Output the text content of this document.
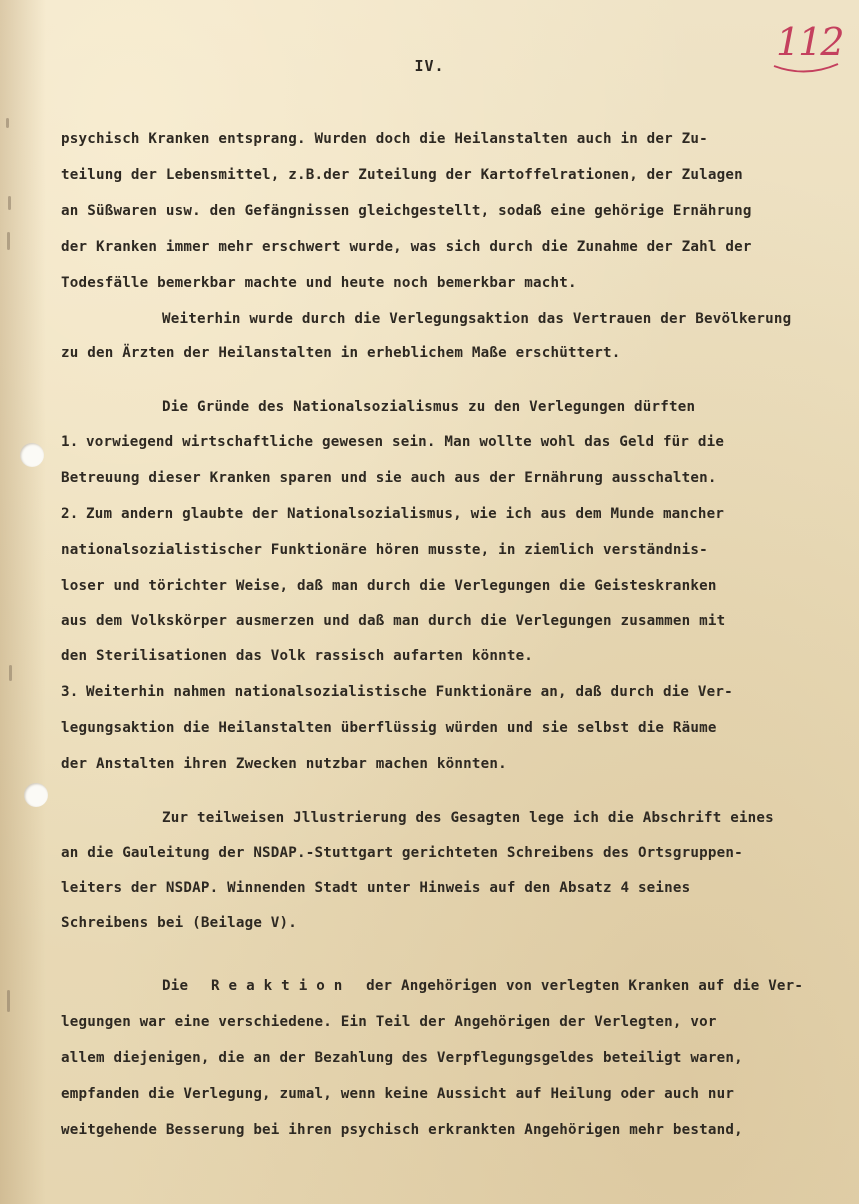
112
IV.
psychisch Kranken entsprang. Wurden doch die Heilanstalten auch in der Zu-
teilung der Lebensmittel, z.B.der Zuteilung der Kartoffelrationen, der Zulagen
an Süßwaren usw. den Gefängnissen gleichgestellt, sodaß eine gehörige Ernährung
der Kranken immer mehr erschwert wurde, was sich durch die Zunahme der Zahl der
Todesfälle bemerkbar machte und heute noch bemerkbar macht.
Weiterhin wurde durch die Verlegungsaktion das Vertrauen der Bevölkerung
zu den Ärzten der Heilanstalten in erheblichem Maße erschüttert.
Die Gründe des Nationalsozialismus zu den Verlegungen dürften
1. vorwiegend wirtschaftliche gewesen sein. Man wollte wohl das Geld für die
Betreuung dieser Kranken sparen und sie auch aus der Ernährung ausschalten.
2. Zum andern glaubte der Nationalsozialismus, wie ich aus dem Munde mancher
nationalsozialistischer Funktionäre hören musste, in ziemlich verständnis-
loser und törichter Weise, daß man durch die Verlegungen die Geisteskranken
aus dem Volkskörper ausmerzen und daß man durch die Verlegungen zusammen mit
den Sterilisationen das Volk rassisch aufarten könnte.
3. Weiterhin nahmen nationalsozialistische Funktionäre an, daß durch die Ver-
legungsaktion die Heilanstalten überflüssig würden und sie selbst die Räume
der Anstalten ihren Zwecken nutzbar machen könnten.
Zur teilweisen Jllustrierung des Gesagten lege ich die Abschrift eines
an die Gauleitung der NSDAP.-Stuttgart gerichteten Schreibens des Ortsgruppen-
leiters der NSDAP. Winnenden Stadt unter Hinweis auf den Absatz 4 seines
Schreibens bei (Beilage V).
Die Reaktion der Angehörigen von verlegten Kranken auf die Ver-
legungen war eine verschiedene. Ein Teil der Angehörigen der Verlegten, vor
allem diejenigen, die an der Bezahlung des Verpflegungsgeldes beteiligt waren,
empfanden die Verlegung, zumal, wenn keine Aussicht auf Heilung oder auch nur
weitgehende Besserung bei ihren psychisch erkrankten Angehörigen mehr bestand,
